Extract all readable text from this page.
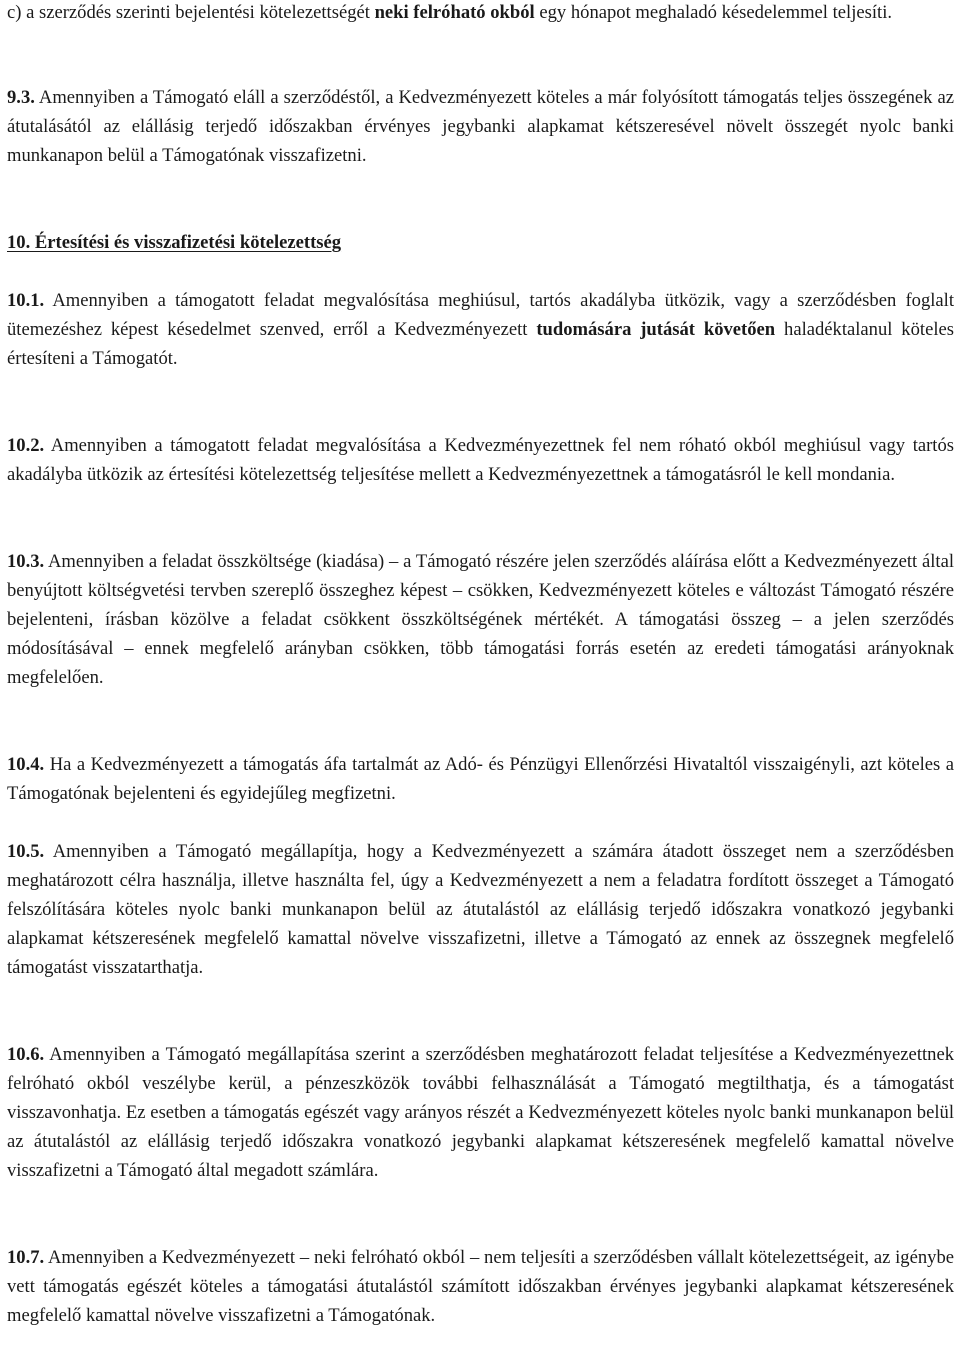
c) a szerződés szerinti bejelentési kötelezettségét neki felróható okból egy hónapot meghaladó késedelemmel teljesíti.

9.3. Amennyiben a Támogató eláll a szerződéstől, a Kedvezményezett köteles a már folyósított támogatás teljes összegének az átutalásától az elállásig terjedő időszakban érvényes jegybanki alapkamat kétszeresével növelt összegét nyolc banki munkanapon belül a Támogatónak visszafizetni.

10. Értesítési és visszafizetési kötelezettség

10.1. Amennyiben a támogatott feladat megvalósítása meghiúsul, tartós akadályba ütközik, vagy a szerződésben foglalt ütemezéshez képest késedelmet szenved, erről a Kedvezményezett tudomására jutását követően haladéktalanul köteles értesíteni a Támogatót.

10.2. Amennyiben a támogatott feladat megvalósítása a Kedvezményezettnek fel nem róható okból meghiúsul vagy tartós akadályba ütközik az értesítési kötelezettség teljesítése mellett a Kedvezményezettnek a támogatásról le kell mondania.

10.3. Amennyiben a feladat összköltsége (kiadása) – a Támogató részére jelen szerződés aláírása előtt a Kedvezményezett által benyújtott költségvetési tervben szereplő összeghez képest – csökken, Kedvezményezett köteles e változást Támogató részére bejelenteni, írásban közölve a feladat csökkent összköltségének mértékét. A támogatási összeg – a jelen szerződés módosításával – ennek megfelelő arányban csökken, több támogatási forrás esetén az eredeti támogatási arányoknak megfelelően.

10.4. Ha a Kedvezményezett a támogatás áfa tartalmát az Adó- és Pénzügyi Ellenőrzési Hivataltól visszaigényli, azt köteles a Támogatónak bejelenteni és egyidejűleg megfizetni.

10.5. Amennyiben a Támogató megállapítja, hogy a Kedvezményezett a számára átadott összeget nem a szerződésben meghatározott célra használja, illetve használta fel, úgy a Kedvezményezett a nem a feladatra fordított összeget a Támogató felszólítására köteles nyolc banki munkanapon belül az átutalástól az elállásig terjedő időszakra vonatkozó jegybanki alapkamat kétszeresének megfelelő kamattal növelve visszafizetni, illetve a Támogató az ennek az összegnek megfelelő támogatást visszatarthatja.

10.6. Amennyiben a Támogató megállapítása szerint a szerződésben meghatározott feladat teljesítése a Kedvezményezettnek felróható okból veszélybe kerül, a pénzeszközök további felhasználását a Támogató megtilthatja, és a támogatást visszavonhatja. Ez esetben a támogatás egészét vagy arányos részét a Kedvezményezett köteles nyolc banki munkanapon belül az átutalástól az elállásig terjedő időszakra vonatkozó jegybanki alapkamat kétszeresének megfelelő kamattal növelve visszafizetni a Támogató által megadott számlára.

10.7. Amennyiben a Kedvezményezett – neki felróható okból – nem teljesíti a szerződésben vállalt kötelezettségeit, az igénybe vett támogatás egészét köteles a támogatási átutalástól számított időszakban érvényes jegybanki alapkamat kétszeresének megfelelő kamattal növelve visszafizetni a Támogatónak.
